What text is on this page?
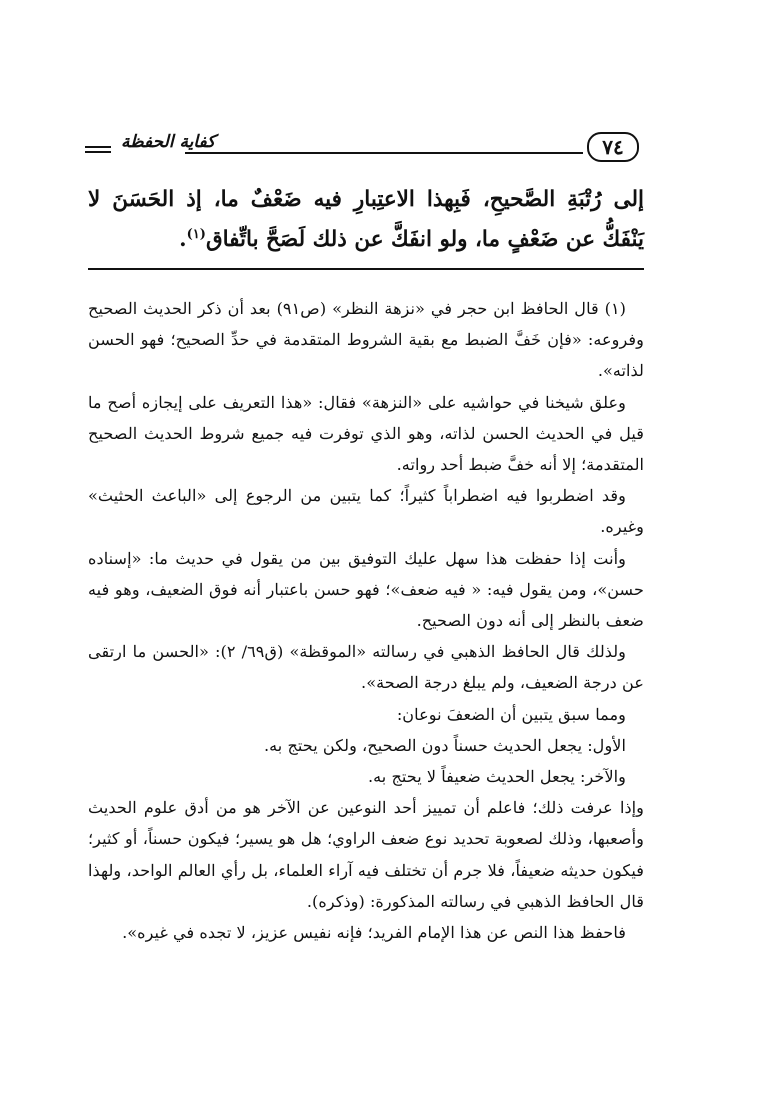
٧٤
كفاية الحفظة

إلى رُتْبَةِ الصَّحيحِ، فَبِهذا الاعتِبارِ فيه ضَعْفٌ ما، إذ الحَسَنَ لا يَنْفَكُّ عن ضَعْفٍ ما، ولو انفَكَّ عن ذلك لَصَحَّ باتِّفاق$^{(١)}$.

(١) قال الحافظ ابن حجر في «نزهة النظر» (ص٩١) بعد أن ذكر الحديث الصحيح وفروعه: «فإن خَفَّ الضبط مع بقية الشروط المتقدمة في حدِّ الصحيح؛ فهو الحسن لذاته».

وعلق شيخنا في حواشيه على «النزهة» فقال: «هذا التعريف على إيجازه أصح ما قيل في الحديث الحسن لذاته، وهو الذي توفرت فيه جميع شروط الحديث الصحيح المتقدمة؛ إلا أنه خفَّ ضبط أحد رواته.

وقد اضطربوا فيه اضطراباً كثيراً؛ كما يتبين من الرجوع إلى «الباعث الحثيث» وغيره.

وأنت إذا حفظت هذا سهل عليك التوفيق بين من يقول في حديث ما: «إسناده حسن»، ومن يقول فيه: « فيه ضعف»؛ فهو حسن باعتبار أنه فوق الضعيف، وهو فيه ضعف بالنظر إلى أنه دون الصحيح.

ولذلك قال الحافظ الذهبي في رسالته «الموقظة» (ق٦٩/ ٢): «الحسن ما ارتقى عن درجة الضعيف، ولم يبلغ درجة الصحة».

ومما سبق يتبين أن الضعفَ نوعان:

الأول: يجعل الحديث حسناً دون الصحيح، ولكن يحتج به.

والآخر: يجعل الحديث ضعيفاً لا يحتج به.

وإذا عرفت ذلك؛ فاعلم أن تمييز أحد النوعين عن الآخر هو من أدق علوم الحديث وأصعبها، وذلك لصعوبة تحديد نوع ضعف الراوي؛ هل هو يسير؛ فيكون حسناً، أو كثير؛ فيكون حديثه ضعيفاً، فلا جرم أن تختلف فيه آراء العلماء، بل رأي العالم الواحد، ولهذا قال الحافظ الذهبي في رسالته المذكورة: (وذكره).

فاحفظ هذا النص عن هذا الإمام الفريد؛ فإنه نفيس عزيز، لا تجده في غيره».
